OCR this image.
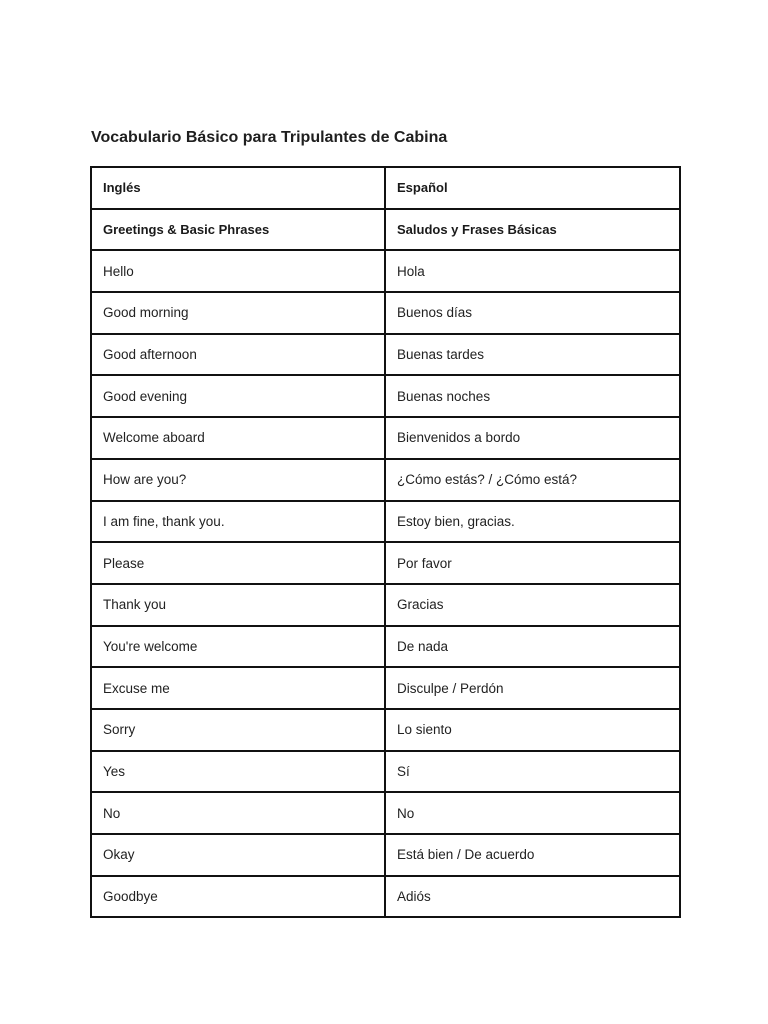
Vocabulario Básico para Tripulantes de Cabina
Inglés	Español
Greetings & Basic Phrases	Saludos y Frases Básicas
Hello	Hola
Good morning	Buenos días
Good afternoon	Buenas tardes
Good evening	Buenas noches
Welcome aboard	Bienvenidos a bordo
How are you?	¿Cómo estás? / ¿Cómo está?
I am fine, thank you.	Estoy bien, gracias.
Please	Por favor
Thank you	Gracias
You're welcome	De nada
Excuse me	Disculpe / Perdón
Sorry	Lo siento
Yes	Sí
No	No
Okay	Está bien / De acuerdo
Goodbye	Adiós
